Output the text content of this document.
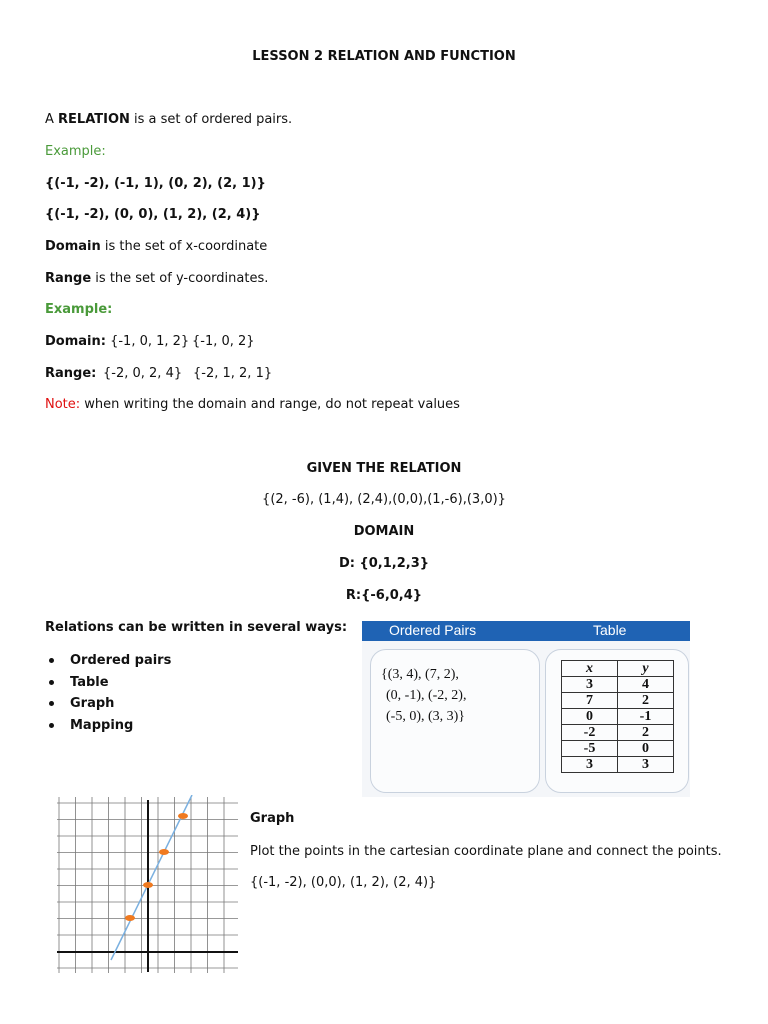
LESSON 2 RELATION AND FUNCTION
A RELATION is a set of ordered pairs.
Example:
{(-1, -2), (-1, 1), (0, 2), (2, 1)}
{(-1, -2), (0, 0), (1, 2), (2, 4)}
Domain is the set of x-coordinate
Range is the set of y-coordinates.
Example:
Domain: {-1, 0, 1, 2} {-1, 0, 2}
Range: {-2, 0, 2, 4} {-2, 1, 2, 1}
Note: when writing the domain and range, do not repeat values
GIVEN THE RELATION
{(2, -6), (1,4), (2,4),(0,0),(1,-6),(3,0)}
DOMAIN
D: {0,1,2,3}
R:{-6,0,4}
Relations can be written in several ways:
Ordered pairs
Table
Graph
Mapping
Ordered Pairs	Table
{(3, 4), (7, 2),
(0, -1), (-2, 2),
(-5, 0), (3, 3)}
x	y
3	4
7	2
0	-1
-2	2
-5	0
3	3
Graph
Plot the points in the cartesian coordinate plane and connect the points.
{(-1, -2), (0,0), (1, 2), (2, 4)}
